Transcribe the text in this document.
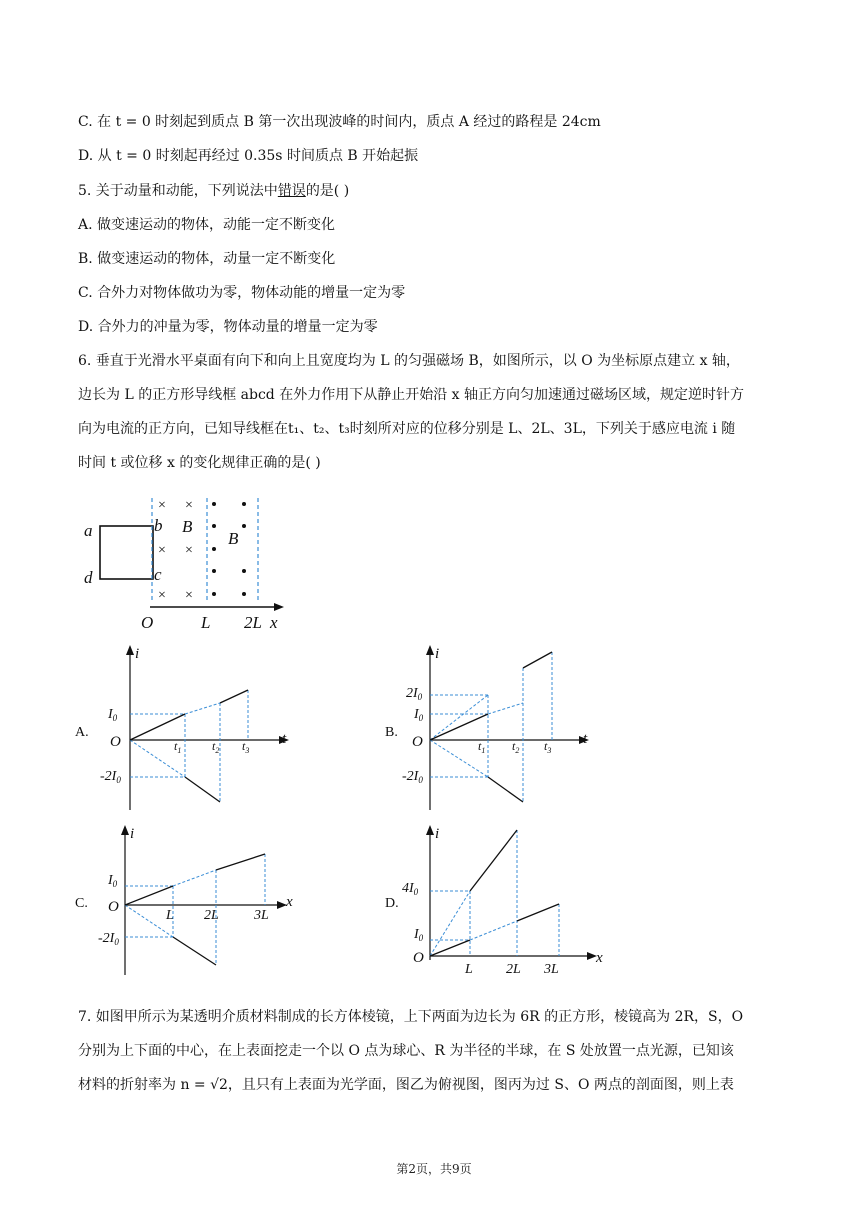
C. 在 t = 0 时刻起到质点 B 第一次出现波峰的时间内，质点 A 经过的路程是 24cm
D. 从 t = 0 时刻起再经过 0.35s 时间质点 B 开始起振
5. 关于动量和动能，下列说法中错误的是( )
A. 做变速运动的物体，动能一定不断变化
B. 做变速运动的物体，动量一定不断变化
C. 合外力对物体做功为零，物体动能的增量一定为零
D. 合外力的冲量为零，物体动量的增量一定为零
6. 垂直于光滑水平桌面有向下和向上且宽度均为 L 的匀强磁场 B，如图所示，以 O 为坐标原点建立 x 轴，
边长为 L 的正方形导线框 abcd 在外力作用下从静止开始沿 x 轴正方向匀加速通过磁场区域，规定逆时针方
向为电流的正方向，已知导线框在t₁、t₂、t₃时刻所对应的位移分别是 L、2L、3L，下列关于感应电流 i 随
时间 t 或位移 x 的变化规律正确的是( )
a	b
c
d
B
B
× ×
×
×
× ×
O	L 2L x
A.
i
t
O
$I_0$
$-2I_0$
$t_1$	$t_2$ $t_3$
B.
i
t
O
$2I_0$
$I_0$
$-2I_0$
$t_1$ $t_2$ $t_3$
C.
i
x
O
$I_0$
$-2I_0$
L 2L	3L
D.
i
x
O
$4I_0$
$I_0$
L 2L 3L
7. 如图甲所示为某透明介质材料制成的长方体棱镜，上下两面为边长为 6R 的正方形，棱镜高为 2R，S，O
分别为上下面的中心，在上表面挖走一个以 O 点为球心、R 为半径的半球，在 S 处放置一点光源，已知该
材料的折射率为 n = √2，且只有上表面为光学面，图乙为俯视图，图丙为过 S、O 两点的剖面图，则上表
第2页，共9页
